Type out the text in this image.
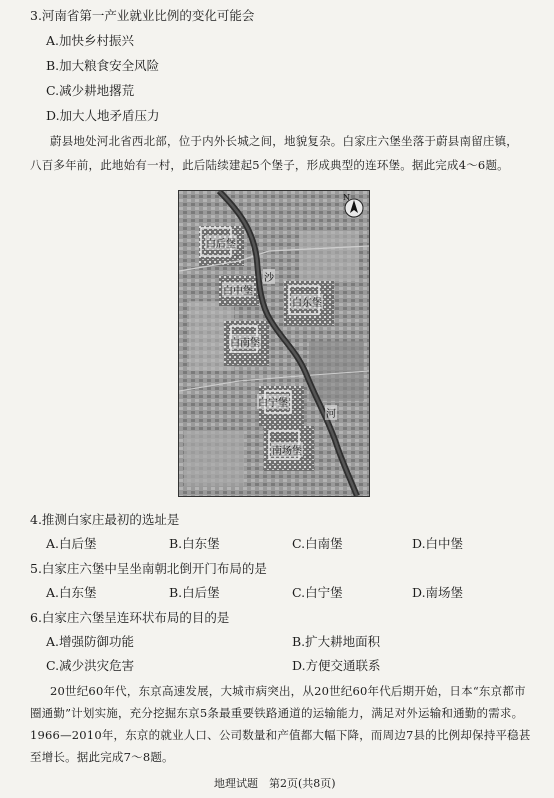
3.河南省第一产业就业比例的变化可能会
A.加快乡村振兴
B.加大粮食安全风险
C.减少耕地撂荒
D.加大人地矛盾压力
蔚县地处河北省西北部，位于内外长城之间，地貌复杂。白家庄六堡坐落于蔚县南留庄镇，
八百多年前，此地始有一村，此后陆续建起5个堡子，形成典型的连环堡。据此完成4～6题。
N
白后堡
白中堡
白东堡
白南堡
沙
河
白宁堡
南场堡
4.推测白家庄最初的选址是
A.白后堡	B.白东堡	C.白南堡	D.白中堡
5.白家庄六堡中呈坐南朝北倒开门布局的是
A.白东堡	B.白后堡	C.白宁堡	D.南场堡
6.白家庄六堡呈连环状布局的目的是
A.增强防御功能	B.扩大耕地面积
C.减少洪灾危害	D.方便交通联系
20世纪60年代，东京高速发展，大城市病突出，从20世纪60年代后期开始，日本“东京都市
圈通勤”计划实施，充分挖掘东京5条最重要铁路通道的运输能力，满足对外运输和通勤的需求。
1966—2010年，东京的就业人口、公司数量和产值都大幅下降，而周边7县的比例却保持平稳甚
至增长。据此完成7～8题。
地理试题　第2页(共8页)
